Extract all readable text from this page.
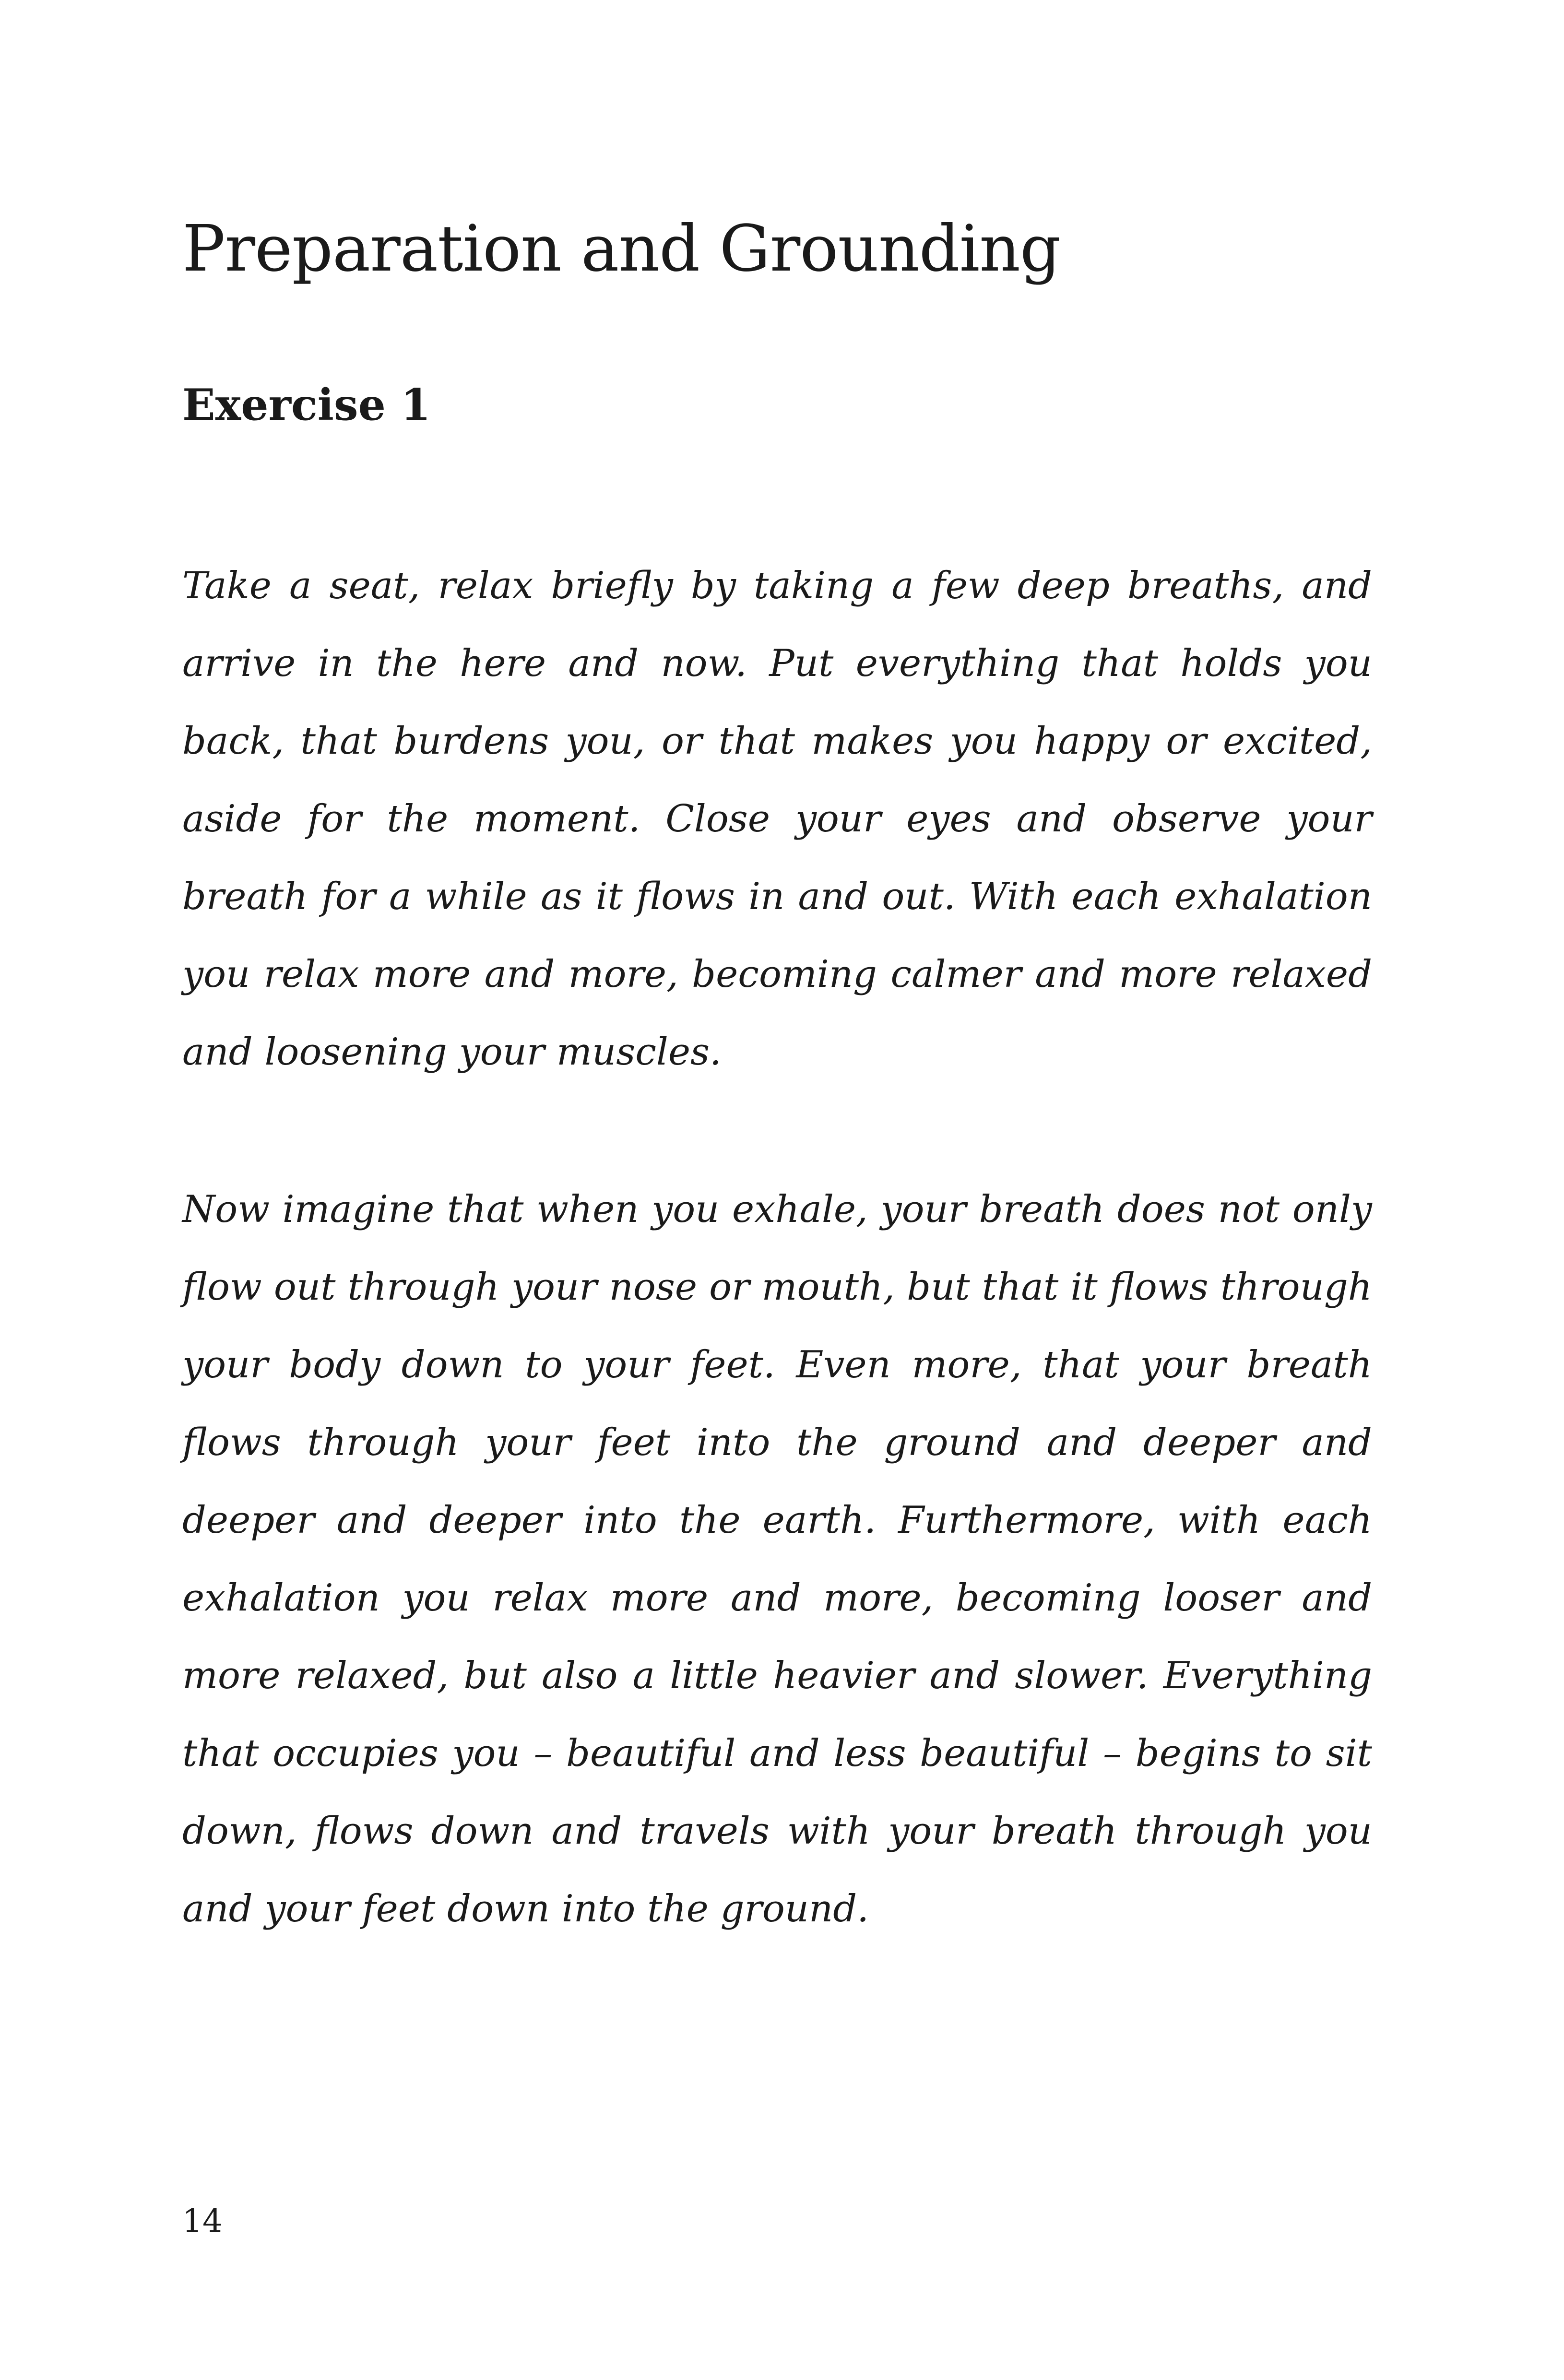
Preparation and Grounding
Exercise 1

Take a seat, relax briefly by taking a few deep breaths, and arrive in the here and now. Put everything that holds you back, that burdens you, or that makes you happy or excited, aside for the moment. Close your eyes and observe your breath for a while as it flows in and out. With each exhalation you relax more and more, becoming calmer and more relaxed and loosening your muscles.

Now imagine that when you exhale, your breath does not only flow out through your nose or mouth, but that it flows through your body down to your feet. Even more, that your breath flows through your feet into the ground and deeper and deeper and deeper into the earth. Furthermore, with each exhalation you relax more and more, becoming looser and more relaxed, but also a little heavier and slower. Everything that occupies you – beautiful and less beautiful – begins to sit down, flows down and travels with your breath through you and your feet down into the ground.

14
